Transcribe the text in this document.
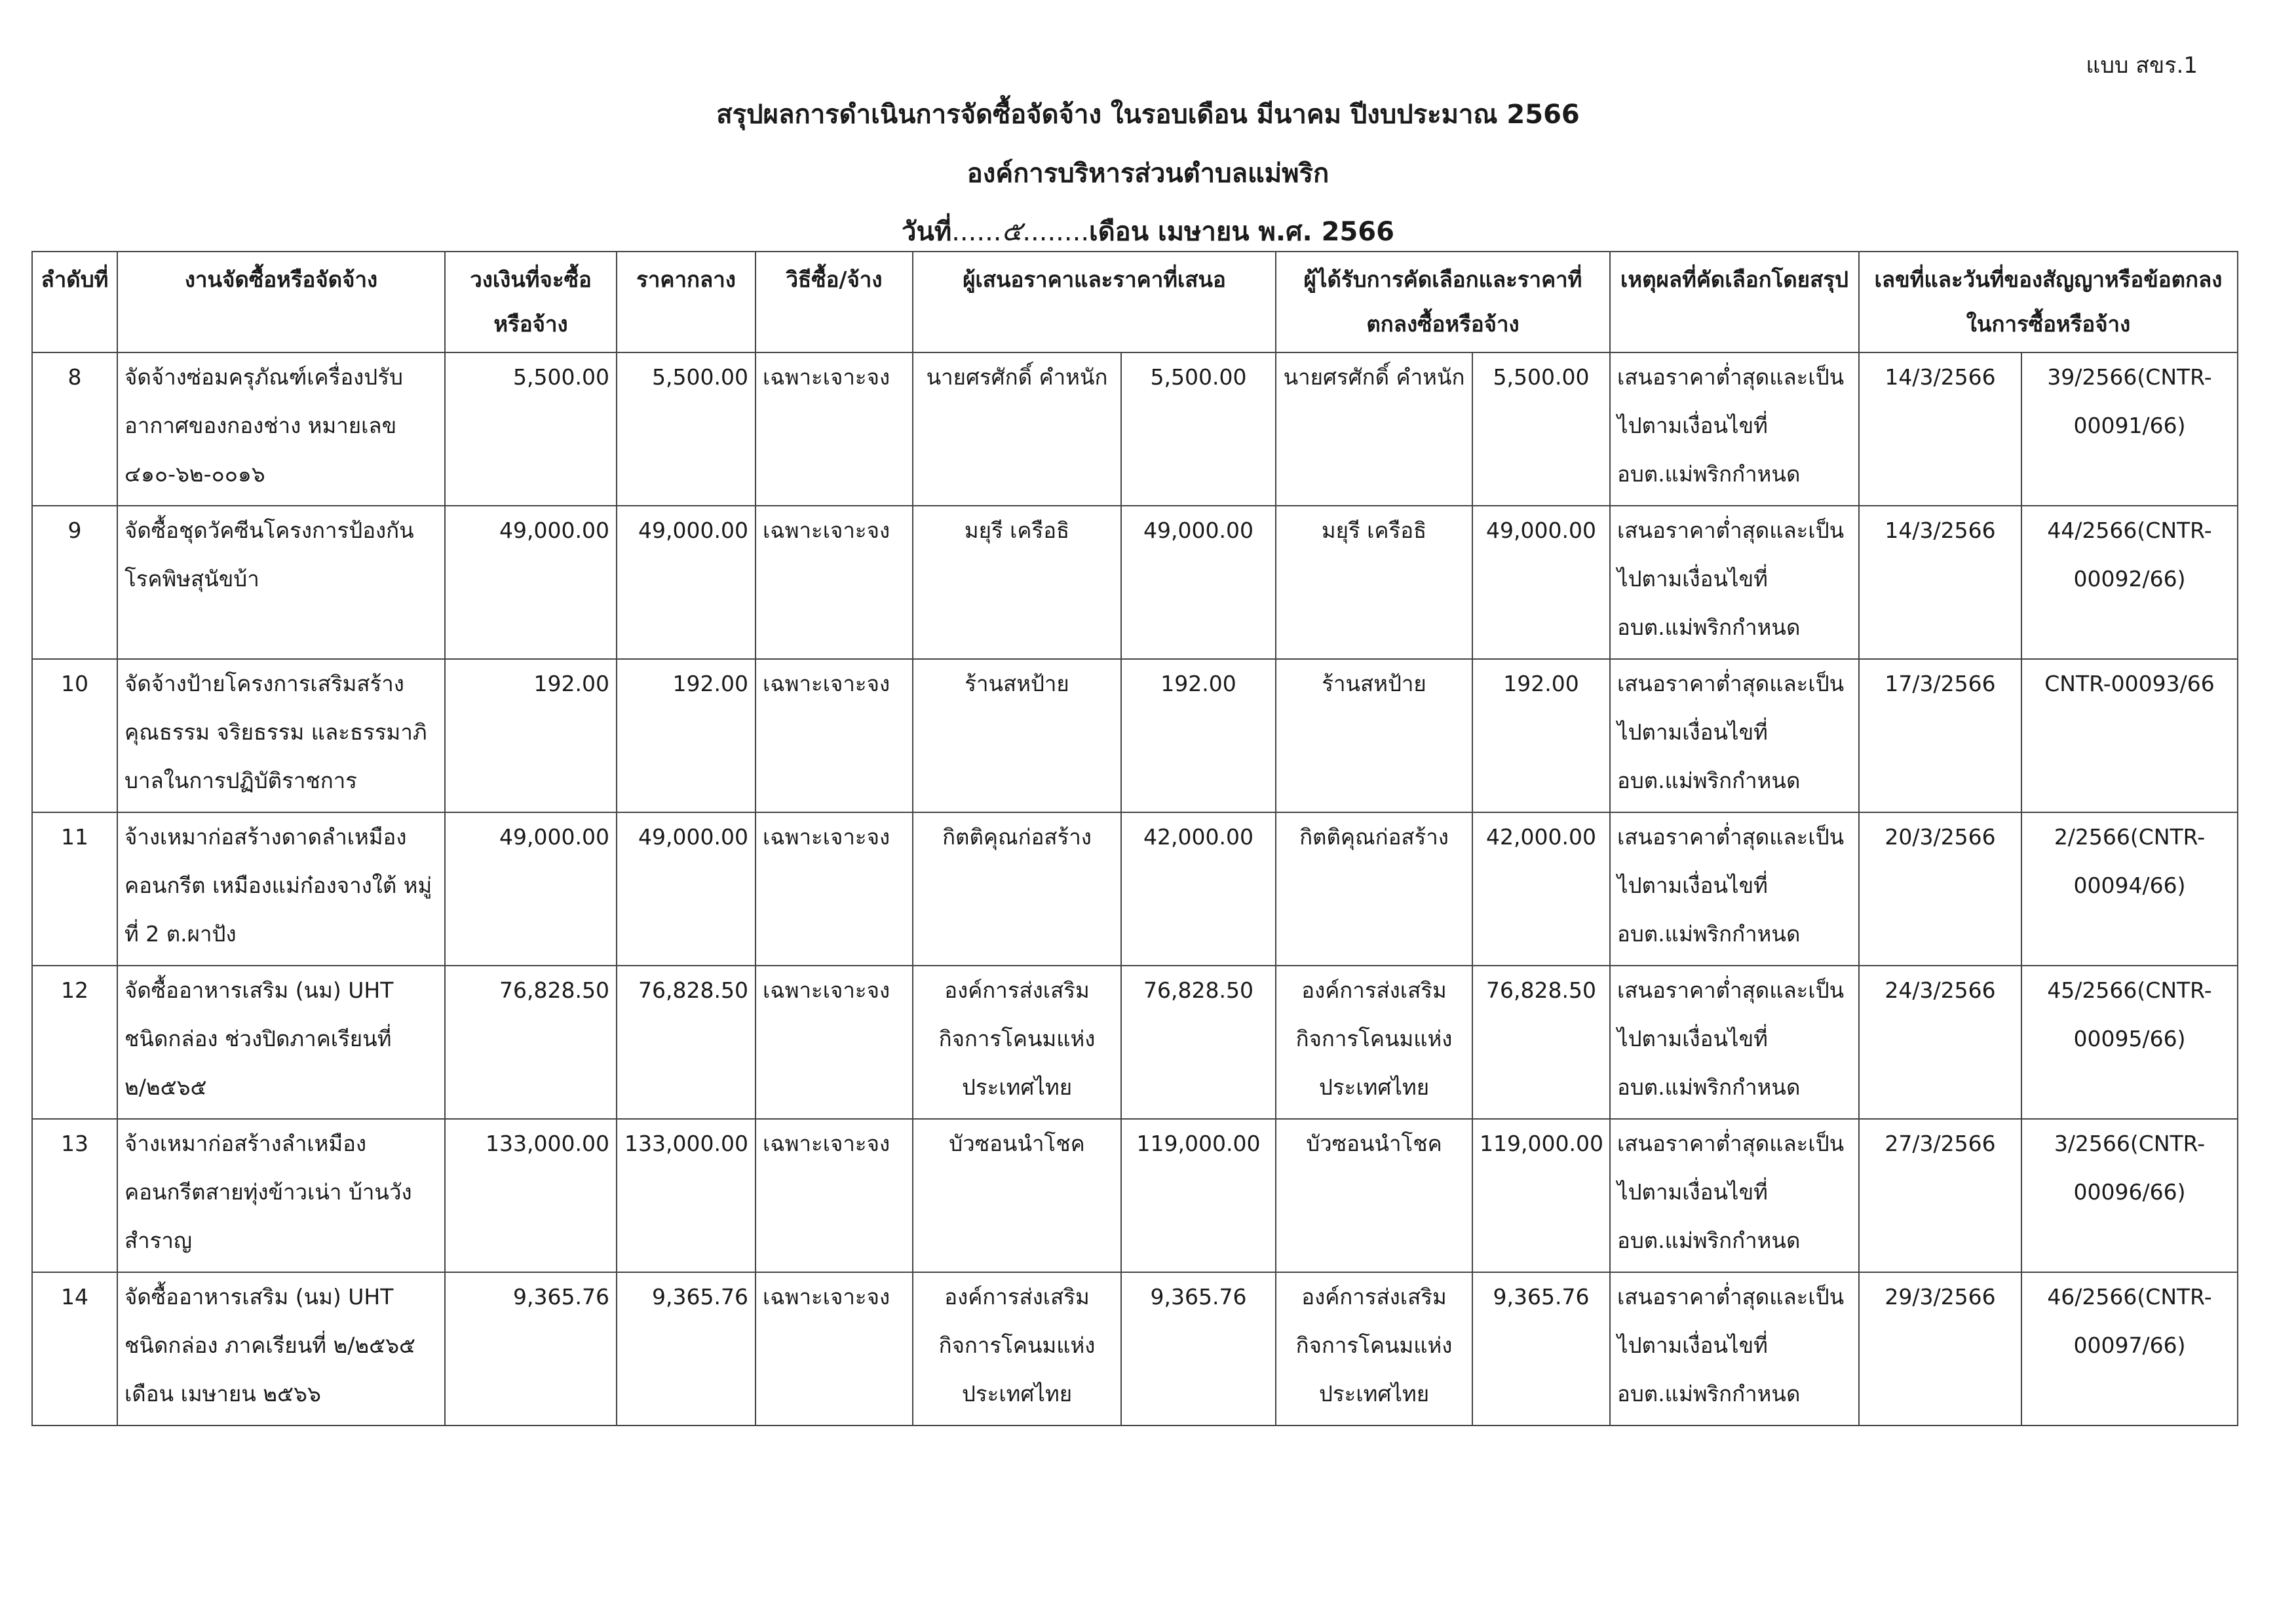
แบบ สขร.1
สรุปผลการดำเนินการจัดซื้อจัดจ้าง ในรอบเดือน มีนาคม ปีงบประมาณ 2566
องค์การบริหารส่วนตำบลแม่พริก
วันที่......๕........เดือน เมษายน พ.ศ. 2566
ลำดับที่	งานจัดซื้อหรือจัดจ้าง	วงเงินที่จะซื้อหรือจ้าง	ราคากลาง	วิธีซื้อ/จ้าง	ผู้เสนอราคาและราคาที่เสนอ		ผู้ได้รับการคัดเลือกและราคาที่ตกลงซื้อหรือจ้าง		เหตุผลที่คัดเลือกโดยสรุป	เลขที่และวันที่ของสัญญาหรือข้อตกลงในการซื้อหรือจ้าง	
8	จัดจ้างซ่อมครุภัณฑ์เครื่องปรับอากาศของกองช่าง หมายเลข ๔๑๐-๖๒-๐๐๑๖	5,500.00	5,500.00	เฉพาะเจาะจง	นายศรศักดิ์ คำหนัก	5,500.00	นายศรศักดิ์ คำหนัก	5,500.00	เสนอราคาต่ำสุดและเป็นไปตามเงื่อนไขที่ อบต.แม่พริกกำหนด	14/3/2566	39/2566(CNTR-00091/66)
9	จัดซื้อชุดวัคซีนโครงการป้องกันโรคพิษสุนัขบ้า	49,000.00	49,000.00	เฉพาะเจาะจง	มยุรี เครือธิ	49,000.00	มยุรี เครือธิ	49,000.00	เสนอราคาต่ำสุดและเป็นไปตามเงื่อนไขที่ อบต.แม่พริกกำหนด	14/3/2566	44/2566(CNTR-00092/66)
10	จัดจ้างป้ายโครงการเสริมสร้างคุณธรรม จริยธรรม และธรรมาภิบาลในการปฏิบัติราชการ	192.00	192.00	เฉพาะเจาะจง	ร้านสหป้าย	192.00	ร้านสหป้าย	192.00	เสนอราคาต่ำสุดและเป็นไปตามเงื่อนไขที่ อบต.แม่พริกกำหนด	17/3/2566	CNTR-00093/66
11	จ้างเหมาก่อสร้างดาดลำเหมืองคอนกรีต เหมืองแม่ก๋องจางใต้ หมู่ที่ 2 ต.ผาปัง	49,000.00	49,000.00	เฉพาะเจาะจง	กิตติคุณก่อสร้าง	42,000.00	กิตติคุณก่อสร้าง	42,000.00	เสนอราคาต่ำสุดและเป็นไปตามเงื่อนไขที่ อบต.แม่พริกกำหนด	20/3/2566	2/2566(CNTR-00094/66)
12	จัดซื้ออาหารเสริม (นม) UHT ชนิดกล่อง ช่วงปิดภาคเรียนที่ ๒/๒๕๖๕	76,828.50	76,828.50	เฉพาะเจาะจง	องค์การส่งเสริมกิจการโคนมแห่งประเทศไทย	76,828.50	องค์การส่งเสริมกิจการโคนมแห่งประเทศไทย	76,828.50	เสนอราคาต่ำสุดและเป็นไปตามเงื่อนไขที่ อบต.แม่พริกกำหนด	24/3/2566	45/2566(CNTR-00095/66)
13	จ้างเหมาก่อสร้างลำเหมืองคอนกรีตสายทุ่งข้าวเน่า บ้านวังสำราญ	133,000.00	133,000.00	เฉพาะเจาะจง	บัวซอนนำโชค	119,000.00	บัวซอนนำโชค	119,000.00	เสนอราคาต่ำสุดและเป็นไปตามเงื่อนไขที่ อบต.แม่พริกกำหนด	27/3/2566	3/2566(CNTR-00096/66)
14	จัดซื้ออาหารเสริม (นม) UHT ชนิดกล่อง ภาคเรียนที่ ๒/๒๕๖๕ เดือน เมษายน ๒๕๖๖	9,365.76	9,365.76	เฉพาะเจาะจง	องค์การส่งเสริมกิจการโคนมแห่งประเทศไทย	9,365.76	องค์การส่งเสริมกิจการโคนมแห่งประเทศไทย	9,365.76	เสนอราคาต่ำสุดและเป็นไปตามเงื่อนไขที่ อบต.แม่พริกกำหนด	29/3/2566	46/2566(CNTR-00097/66)
